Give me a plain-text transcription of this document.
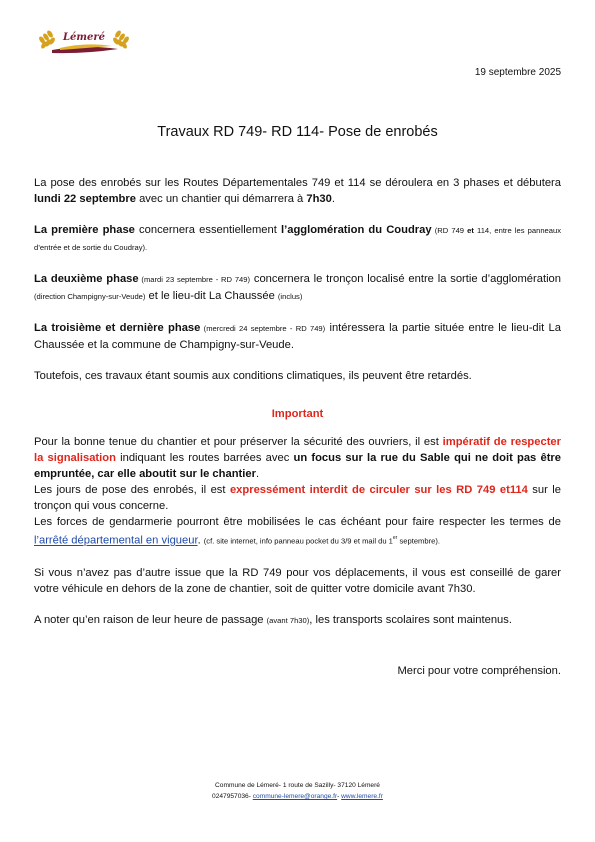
Lémeré
19 septembre 2025
Travaux RD 749- RD 114- Pose de enrobés

La pose des enrobés sur les Routes Départementales 749 et 114 se déroulera en 3 phases et débutera lundi 22 septembre avec un chantier qui démarrera à 7h30.

La première phase concernera essentiellement l’agglomération du Coudray (RD 749 et 114, entre les panneaux d’entrée et de sortie du Coudray).

La deuxième phase (mardi 23 septembre - RD 749) concernera le tronçon localisé entre la sortie d’agglomération (direction Champigny-sur-Veude) et le lieu-dit La Chaussée (inclus)

La troisième et dernière phase (mercredi 24 septembre - RD 749) intéressera la partie située entre le lieu-dit La Chaussée et la commune de Champigny-sur-Veude.

Toutefois, ces travaux étant soumis aux conditions climatiques, ils peuvent être retardés.

Important

Pour la bonne tenue du chantier et pour préserver la sécurité des ouvriers, il est impératif de respecter la signalisation indiquant les routes barrées avec un focus sur la rue du Sable qui ne doit pas être empruntée, car elle aboutit sur le chantier.

Les jours de pose des enrobés, il est expressément interdit de circuler sur les RD 749 et114 sur le tronçon qui vous concerne.

Les forces de gendarmerie pourront être mobilisées le cas échéant pour faire respecter les termes de l’arrêté départemental en vigueur. (cf. site internet, info panneau pocket du 3/9 et mail du 1er septembre).

Si vous n’avez pas d’autre issue que la RD 749 pour vos déplacements, il vous est conseillé de garer votre véhicule en dehors de la zone de chantier, soit de quitter votre domicile avant 7h30.

A noter qu’en raison de leur heure de passage (avant 7h30), les transports scolaires sont maintenus.

Merci pour votre compréhension.

Commune de Lémeré- 1 route de Sazilly- 37120 Lémeré
0247957036- commune-lemere@orange.fr- www.lemere.fr
